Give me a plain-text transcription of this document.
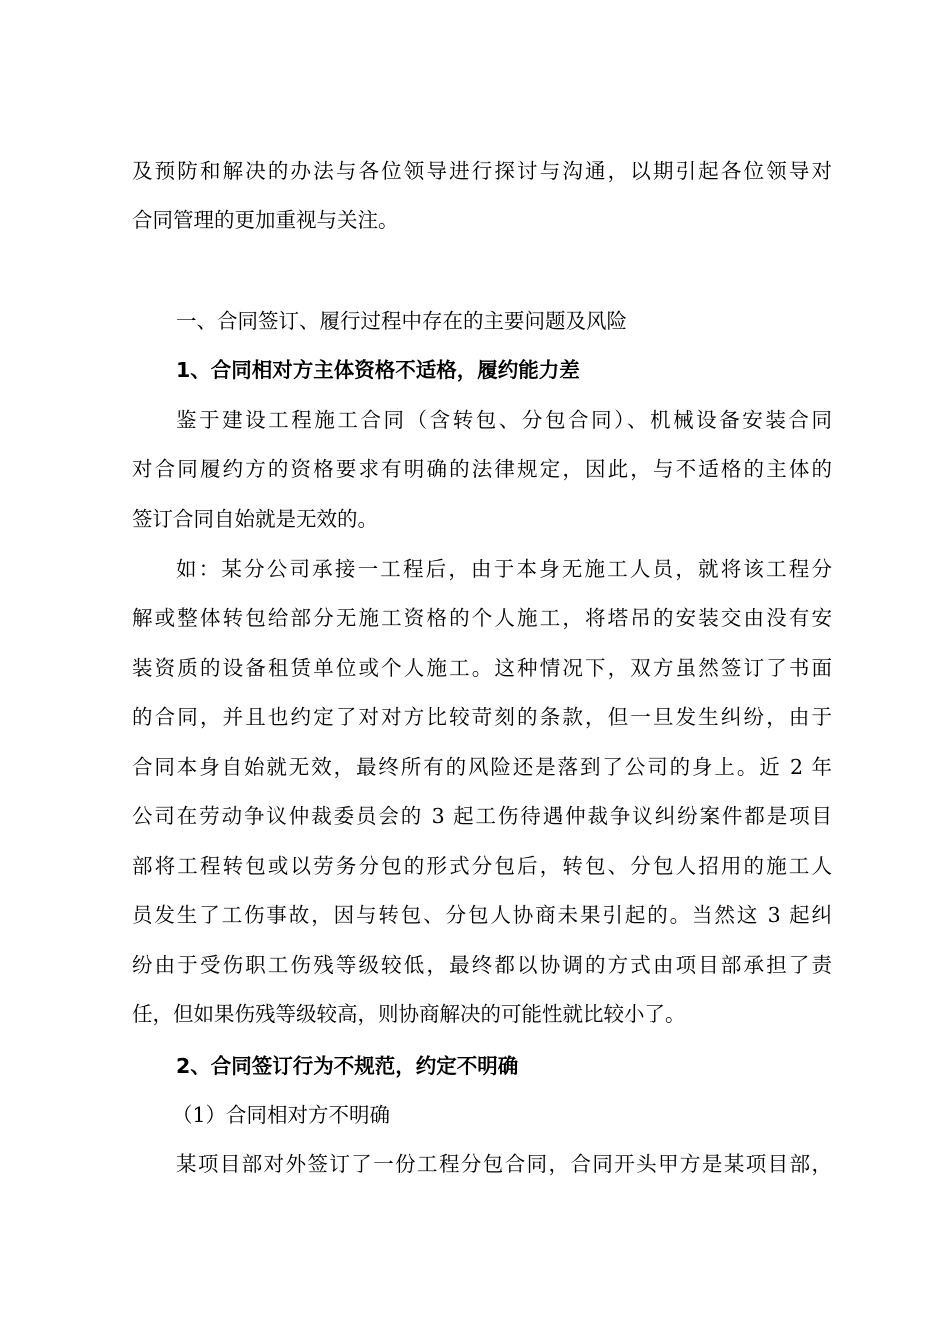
及预防和解决的办法与各位领导进行探讨与沟通，以期引起各位领导对
合同管理的更加重视与关注。
一、合同签订、履行过程中存在的主要问题及风险
1、合同相对方主体资格不适格，履约能力差
鉴于建设工程施工合同（含转包、分包合同）、机械设备安装合同
对合同履约方的资格要求有明确的法律规定，因此，与不适格的主体的
签订合同自始就是无效的。
如：某分公司承接一工程后，由于本身无施工人员，就将该工程分
解或整体转包给部分无施工资格的个人施工，将塔吊的安装交由没有安
装资质的设备租赁单位或个人施工。这种情况下，双方虽然签订了书面
的合同，并且也约定了对对方比较苛刻的条款，但一旦发生纠纷，由于
合同本身自始就无效，最终所有的风险还是落到了公司的身上。近 2 年
公司在劳动争议仲裁委员会的 3 起工伤待遇仲裁争议纠纷案件都是项目
部将工程转包或以劳务分包的形式分包后，转包、分包人招用的施工人
员发生了工伤事故，因与转包、分包人协商未果引起的。当然这 3 起纠
纷由于受伤职工伤残等级较低，最终都以协调的方式由项目部承担了责
任，但如果伤残等级较高，则协商解决的可能性就比较小了。
2、合同签订行为不规范，约定不明确
（1）合同相对方不明确
某项目部对外签订了一份工程分包合同，合同开头甲方是某项目部，
